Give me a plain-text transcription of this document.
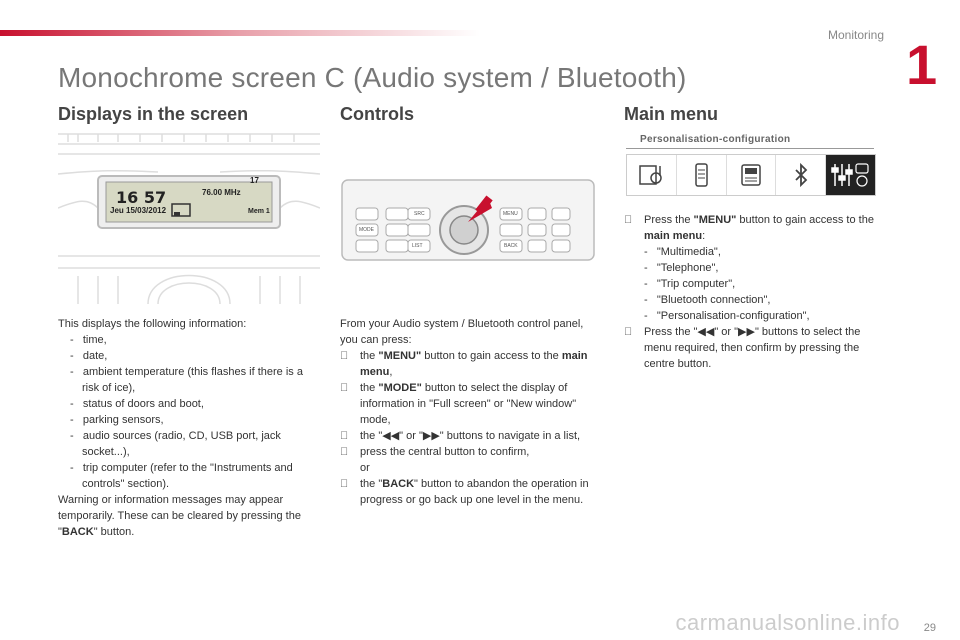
Monitoring 1
Monochrome screen C (Audio system / Bluetooth)
Displays in the screen
16 57
Jeu 15/03/2012
76.00 MHz
17
Mem 1
This displays the following information:
-   time,
-   date,
-   ambient temperature (this flashes if there is a risk of ice),
-   status of doors and boot,
-   parking sensors,
-   audio sources (radio, CD, USB port, jack socket...),
-   trip computer (refer to the "Instruments and controls" section).
Warning or information messages may appear temporarily. These can be cleared by pressing the "BACK" button.
Controls
MENU
MODE
BACK
SRC
LIST
From your Audio system / Bluetooth control panel, you can press:
the "MENU" button to gain access to the main menu,
the "MODE" button to select the display of information in "Full screen" or "New window" mode,
the "◀◀" or "▶▶" buttons to navigate in a list,
press the central button to confirm,
or
the "BACK" button to abandon the operation in progress or go back up one level in the menu.
Main menu
Personalisation-configuration
Press the "MENU" button to gain access to the main menu:
-   "Multimedia",
-   "Telephone",
-   "Trip computer",
-   "Bluetooth connection",
-   "Personalisation-configuration",
Press the "◀◀" or "▶▶" buttons to select the menu required, then confirm by pressing the centre button.
carmanualsonline.info 29
